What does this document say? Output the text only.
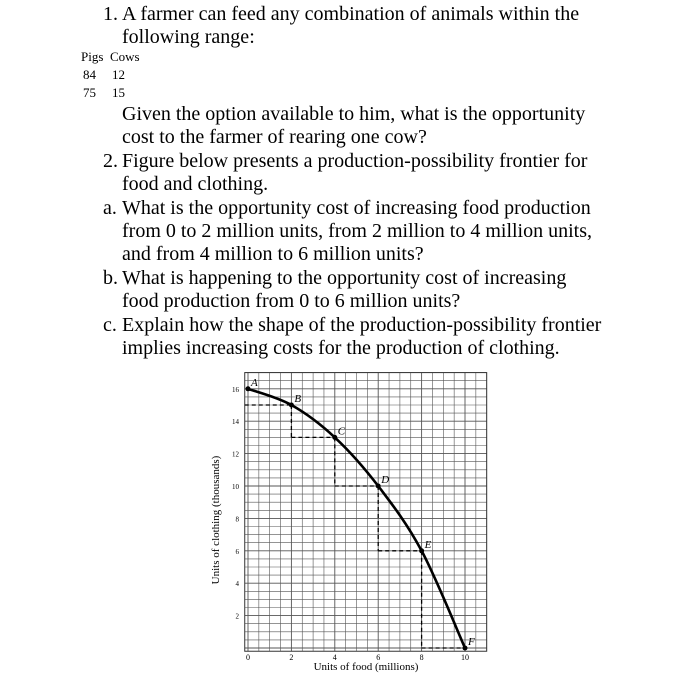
1. A farmer can feed any combination of animals within the
following range:
Pigs Cows
84 12
75 15
Given the option available to him, what is the opportunity
cost to the farmer of rearing one cow?
2. Figure below presents a production-possibility frontier for
food and clothing.
a. What is the opportunity cost of increasing food production
from 0 to 2 million units, from 2 million to 4 million units,
and from 4 million to 6 million units?
b. What is happening to the opportunity cost of increasing
food production from 0 to 6 million units?
c. Explain how the shape of the production-possibility frontier
implies increasing costs for the production of clothing.
A
B
C
D
E
F
0	2	4	6	8	10
2
4
6
8
10
12
14
16
Units of food (millions)
Units of clothing (thousands)
